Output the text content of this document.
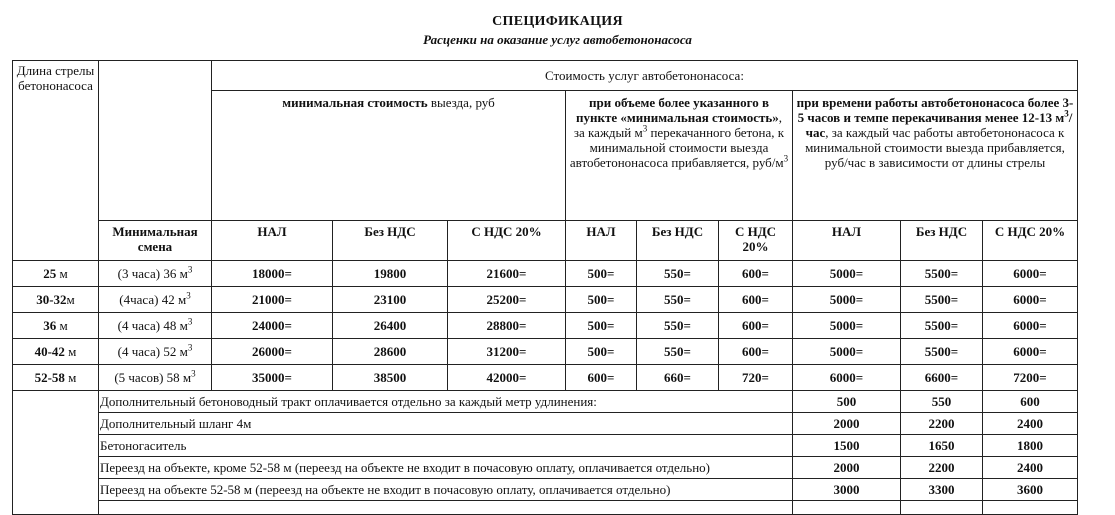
СПЕЦИФИКАЦИЯ
Расценки на оказание услуг автобетононасоса
Длина стрелы бетононасоса		Стоимость услуг автобетононасоса:									
		минимальная стоимость выезда, руб			при объеме более указанного в пункте «минимальная стоимость», за каждый $м^3$ перекачанного бетона, к минимальной стоимости выезда автобетононасоса прибавляется, руб/$м^3$			при времени работы автобетононасоса более 3-5 часов и темпе перекачивания менее 12-13 $м^3$/час, за каждый час работы автобетононасоса к минимальной стоимости выезда прибавляется, руб/час в зависимости от длины стрелы			
	Минимальная смена	НАЛ	Без НДС	С НДС 20%	НАЛ	Без НДС	С НДС 20%	НАЛ	Без НДС	С НДС 20%	
25 м	(3 часа) 36 $м^3$	18000=	19800	21600=	500=	550=	600=	5000=	5500=	6000=	
30-32м	(4часа) 42 $м^3$	21000=	23100	25200=	500=	550=	600=	5000=	5500=	6000=	
36 м	(4 часа) 48 $м^3$	24000=	26400	28800=	500=	550=	600=	5000=	5500=	6000=	
40-42 м	(4 часа) 52 $м^3$	26000=	28600	31200=	500=	550=	600=	5000=	5500=	6000=	
52-58 м	(5 часов) 58 $м^3$	35000=	38500	42000=	600=	660=	720=	6000=	6600=	7200=	
	Дополнительный бетоноводный тракт оплачивается отдельно за каждый метр удлинения:							500	550	600	
	Дополнительный шланг 4м							2000	2200	2400	
	Бетоногаситель							1500	1650	1800	
	Переезд на объекте, кроме 52-58 м (переезд на объекте не входит в почасовую оплату, оплачивается отдельно)							2000	2200	2400	
	Переезд на объекте 52-58 м (переезд на объекте не входит в почасовую оплату, оплачивается отдельно)							3000	3300	3600	
